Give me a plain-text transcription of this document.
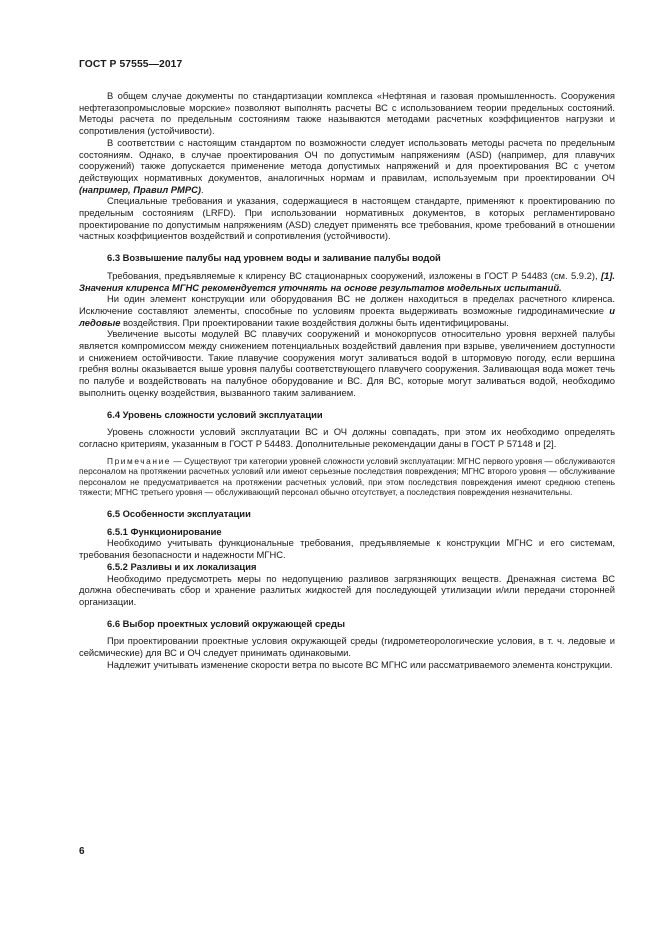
ГОСТ Р 57555—2017

В общем случае документы по стандартизации комплекса «Нефтяная и газовая промышленность. Сооружения нефтегазопромысловые морские» позволяют выполнять расчеты ВС с использованием теории предельных состояний. Методы расчета по предельным состояниям также называются методами расчетных коэффициентов нагрузки и сопротивления (устойчивости).

В соответствии с настоящим стандартом по возможности следует использовать методы расчета по предельным состояниям. Однако, в случае проектирования ОЧ по допустимым напряжениям (ASD) (например, для плавучих сооружений) также допускается применение метода допустимых напряжений и для проектирования ВС с учетом действующих нормативных документов, аналогичных нормам и правилам, используемым при проектировании ОЧ (например, Правил РМРС).

Специальные требования и указания, содержащиеся в настоящем стандарте, применяют к проектированию по предельным состояниям (LRFD). При использовании нормативных документов, в которых регламентировано проектирование по допустимым напряжениям (ASD) следует применять все требования, кроме требований в отношении частных коэффициентов воздействий и сопротивления (устойчивости).

6.3 Возвышение палубы над уровнем воды и заливание палубы водой

Требования, предъявляемые к клиренсу ВС стационарных сооружений, изложены в ГОСТ Р 54483 (см. 5.9.2), [1]. Значения клиренса МГНС рекомендуется уточнять на основе результатов модельных испытаний.

Ни один элемент конструкции или оборудования ВС не должен находиться в пределах расчетного клиренса. Исключение составляют элементы, способные по условиям проекта выдерживать возможные гидродинамические и ледовые воздействия. При проектировании такие воздействия должны быть идентифицированы.

Увеличение высоты модулей ВС плавучих сооружений и монокорпусов относительно уровня верхней палубы является компромиссом между снижением потенциальных воздействий давления при взрыве, увеличением доступности и снижением остойчивости. Такие плавучие сооружения могут заливаться водой в штормовую погоду, если вершина гребня волны оказывается выше уровня палубы соответствующего плавучего сооружения. Заливающая вода может течь по палубе и воздействовать на палубное оборудование и ВС. Для ВС, которые могут заливаться водой, необходимо выполнить оценку воздействия, вызванного таким заливанием.

6.4 Уровень сложности условий эксплуатации

Уровень сложности условий эксплуатации ВС и ОЧ должны совпадать, при этом их необходимо определять согласно критериям, указанным в ГОСТ Р 54483. Дополнительные рекомендации даны в ГОСТ Р 57148 и [2].

Примечание — Существуют три категории уровней сложности условий эксплуатации: МГНС первого уровня — обслуживаются персоналом на протяжении расчетных условий или имеют серьезные последствия повреждения; МГНС второго уровня — обслуживание персоналом не предусматривается на протяжении расчетных условий, при этом последствия повреждения имеют среднюю степень тяжести; МГНС третьего уровня — обслуживающий персонал обычно отсутствует, а последствия повреждения незначительны.

6.5 Особенности эксплуатации

6.5.1 Функционирование

Необходимо учитывать функциональные требования, предъявляемые к конструкции МГНС и его системам, требования безопасности и надежности МГНС.

6.5.2 Разливы и их локализация

Необходимо предусмотреть меры по недопущению разливов загрязняющих веществ. Дренажная система ВС должна обеспечивать сбор и хранение разлитых жидкостей для последующей утилизации и/или передачи сторонней организации.

6.6 Выбор проектных условий окружающей среды

При проектировании проектные условия окружающей среды (гидрометеорологические условия, в т. ч. ледовые и сейсмические) для ВС и ОЧ следует принимать одинаковыми.

Надлежит учитывать изменение скорости ветра по высоте ВС МГНС или рассматриваемого элемента конструкции.

6
